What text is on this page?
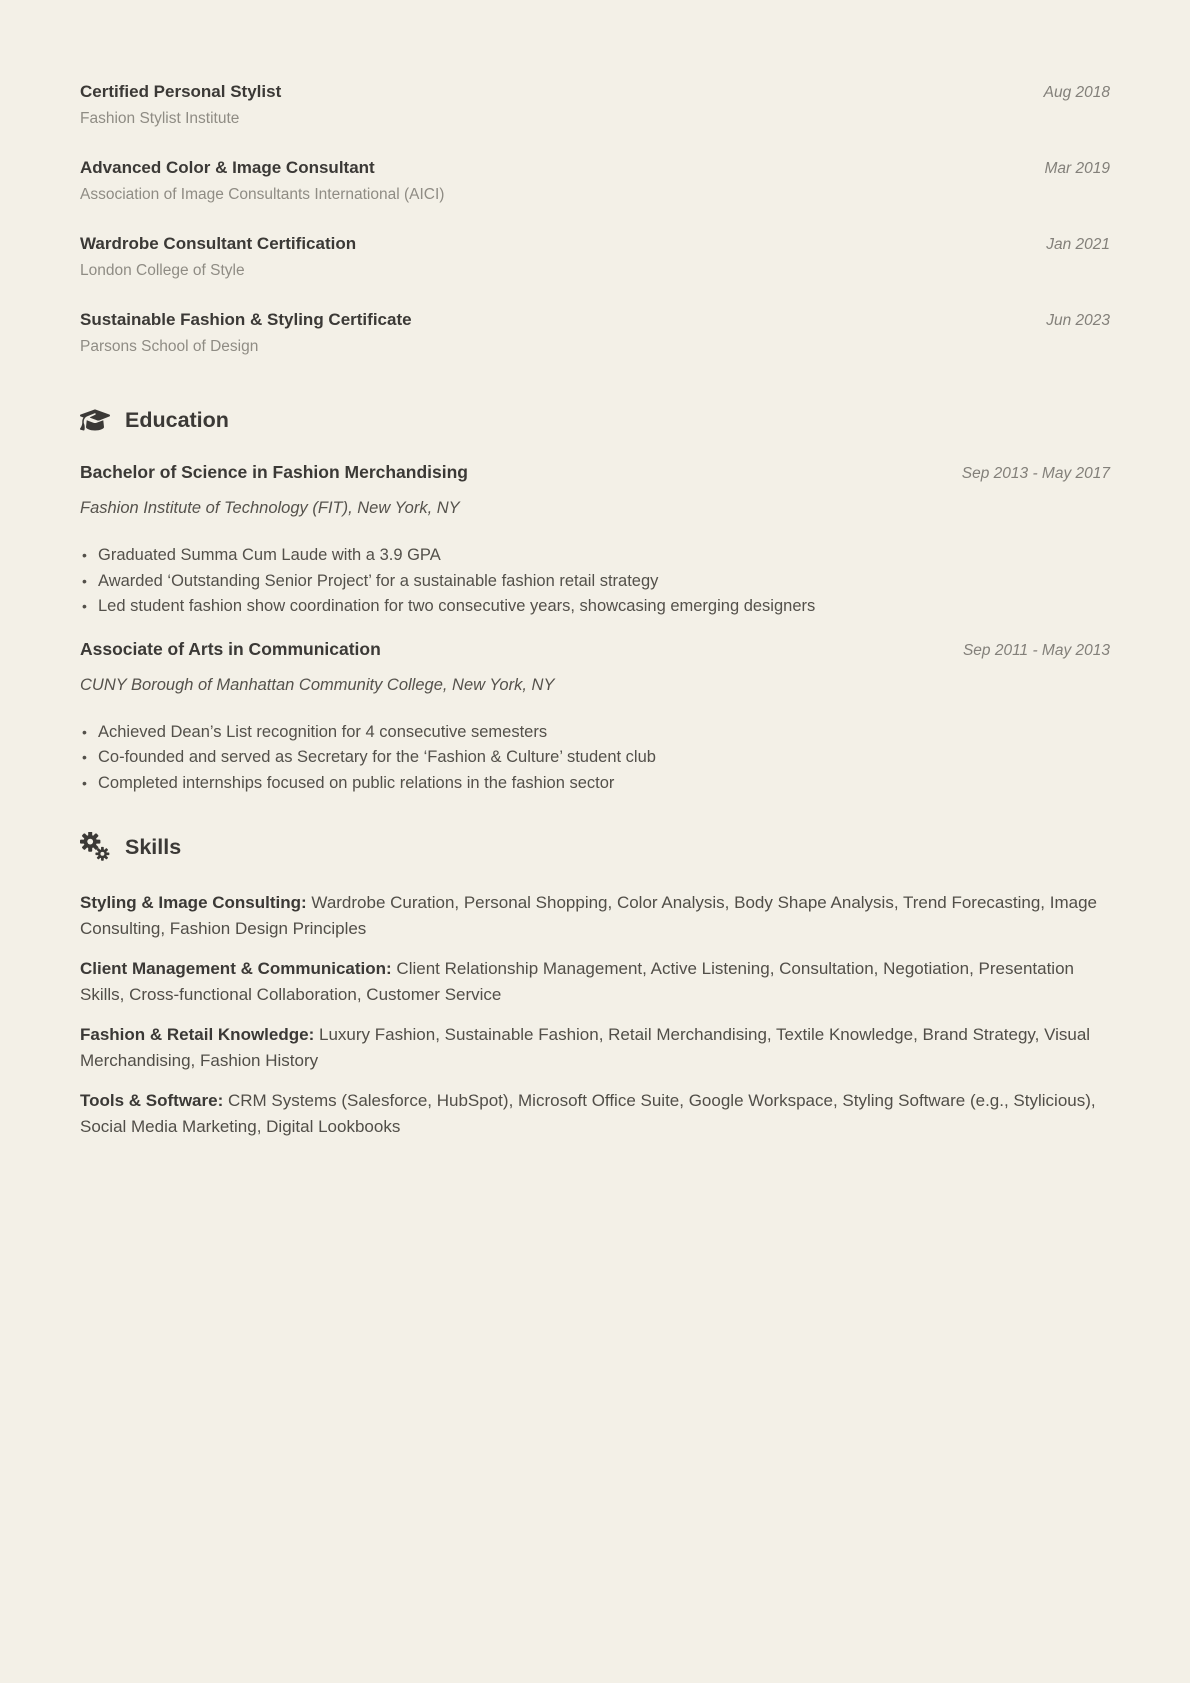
Certified Personal Stylist	Aug 2018
Fashion Stylist Institute
Advanced Color & Image Consultant	Mar 2019
Association of Image Consultants International (AICI)
Wardrobe Consultant Certification	Jan 2021
London College of Style
Sustainable Fashion & Styling Certificate	Jun 2023
Parsons School of Design
Education
Bachelor of Science in Fashion Merchandising	Sep 2013 - May 2017
Fashion Institute of Technology (FIT), New York, NY
• Graduated Summa Cum Laude with a 3.9 GPA
• Awarded ‘Outstanding Senior Project’ for a sustainable fashion retail strategy
• Led student fashion show coordination for two consecutive years, showcasing emerging designers
Associate of Arts in Communication	Sep 2011 - May 2013
CUNY Borough of Manhattan Community College, New York, NY
• Achieved Dean’s List recognition for 4 consecutive semesters
• Co-founded and served as Secretary for the ‘Fashion & Culture’ student club
• Completed internships focused on public relations in the fashion sector
Skills

Styling & Image Consulting: Wardrobe Curation, Personal Shopping, Color Analysis, Body Shape Analysis, Trend Forecasting, Image Consulting, Fashion Design Principles

Client Management & Communication: Client Relationship Management, Active Listening, Consultation, Negotiation, Presentation Skills, Cross-functional Collaboration, Customer Service

Fashion & Retail Knowledge: Luxury Fashion, Sustainable Fashion, Retail Merchandising, Textile Knowledge, Brand Strategy, Visual Merchandising, Fashion History

Tools & Software: CRM Systems (Salesforce, HubSpot), Microsoft Office Suite, Google Workspace, Styling Software (e.g., Stylicious), Social Media Marketing, Digital Lookbooks
